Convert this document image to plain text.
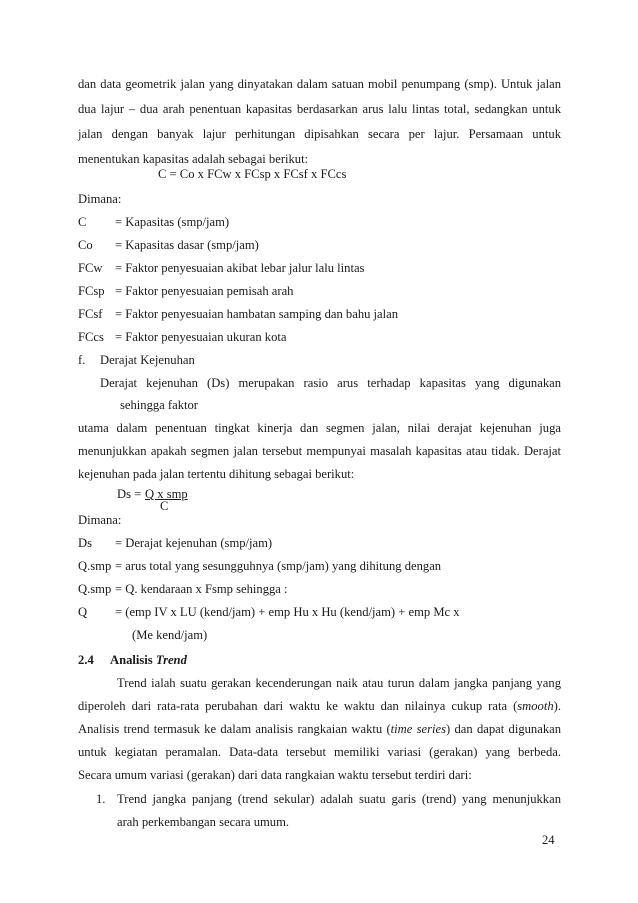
dan data geometrik jalan yang dinyatakan dalam satuan mobil penumpang (smp). Untuk jalan
dua lajur – dua arah penentuan kapasitas berdasarkan arus lalu lintas total, sedangkan untuk
jalan dengan banyak lajur perhitungan dipisahkan secara per lajur. Persamaan untuk
menentukan kapasitas adalah sebagai berikut:
C = Co x FCw x FCsp x FCsf x FCcs
Dimana:
C = Kapasitas (smp/jam)
Co = Kapasitas dasar (smp/jam)
FCw = Faktor penyesuaian akibat lebar jalur lalu lintas
FCsp = Faktor penyesuaian pemisah arah
FCsf = Faktor penyesuaian hambatan samping dan bahu jalan
FCcs = Faktor penyesuaian ukuran kota
f. Derajat Kejenuhan
Derajat kejenuhan (Ds) merupakan rasio arus terhadap kapasitas yang digunakan
sehingga faktor
utama dalam penentuan tingkat kinerja dan segmen jalan, nilai derajat kejenuhan juga
menunjukkan apakah segmen jalan tersebut mempunyai masalah kapasitas atau tidak. Derajat
kejenuhan pada jalan tertentu dihitung sebagai berikut:
Ds = Q x smp
C
Dimana:
Ds = Derajat kejenuhan (smp/jam)
Q.smp = arus total yang sesungguhnya (smp/jam) yang dihitung dengan
Q.smp = Q. kendaraan x Fsmp sehingga :
Q = (emp IV x LU (kend/jam) + emp Hu x Hu (kend/jam) + emp Mc x
(Me kend/jam)
2.4 Analisis Trend
Trend ialah suatu gerakan kecenderungan naik atau turun dalam jangka panjang yang
diperoleh dari rata-rata perubahan dari waktu ke waktu dan nilainya cukup rata (smooth).
Analisis trend termasuk ke dalam analisis rangkaian waktu (time series) dan dapat digunakan
untuk kegiatan peramalan. Data-data tersebut memiliki variasi (gerakan) yang berbeda.
Secara umum variasi (gerakan) dari data rangkaian waktu tersebut terdiri dari:
1. Trend jangka panjang (trend sekular) adalah suatu garis (trend) yang menunjukkan
arah perkembangan secara umum.
24
